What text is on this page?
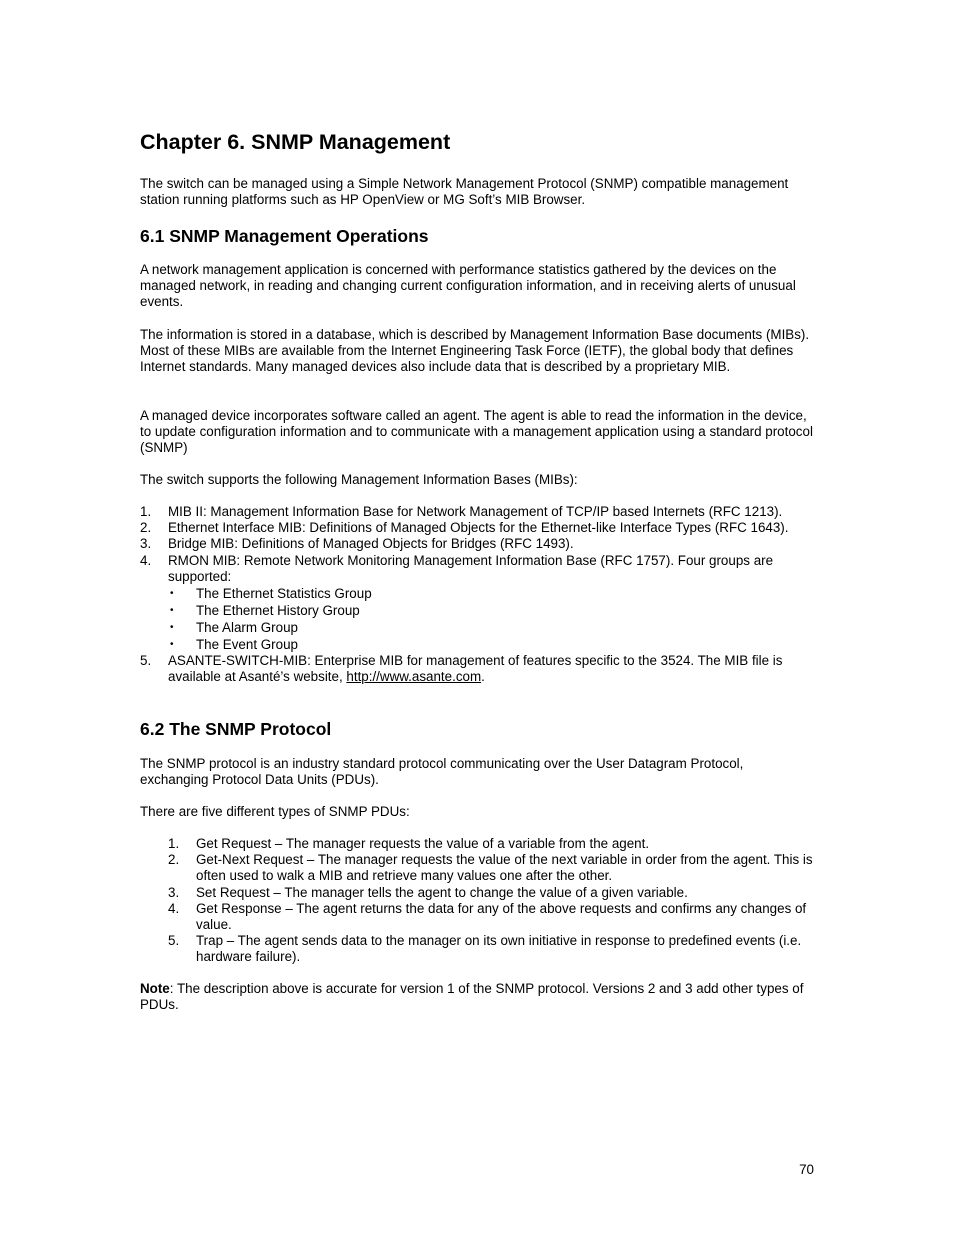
Chapter 6. SNMP Management

The switch can be managed using a Simple Network Management Protocol (SNMP) compatible management station running platforms such as HP OpenView or MG Soft’s MIB Browser.

6.1 SNMP Management Operations

A network management application is concerned with performance statistics gathered by the devices on the managed network, in reading and changing current configuration information, and in receiving alerts of unusual events.

The information is stored in a database, which is described by Management Information Base documents (MIBs). Most of these MIBs are available from the Internet Engineering Task Force (IETF), the global body that defines Internet standards. Many managed devices also include data that is described by a proprietary MIB.

A managed device incorporates software called an agent. The agent is able to read the information in the device, to update configuration information and to communicate with a management application using a standard protocol (SNMP)

The switch supports the following Management Information Bases (MIBs):

1. MIB II: Management Information Base for Network Management of TCP/IP based Internets (RFC 1213).
2. Ethernet Interface MIB: Definitions of Managed Objects for the Ethernet-like Interface Types (RFC 1643).
3. Bridge MIB: Definitions of Managed Objects for Bridges (RFC 1493).
4. RMON MIB: Remote Network Monitoring Management Information Base (RFC 1757). Four groups are supported:
• The Ethernet Statistics Group
• The Ethernet History Group
• The Alarm Group
• The Event Group
5. ASANTE-SWITCH-MIB: Enterprise MIB for management of features specific to the 3524. The MIB file is available at Asanté’s website, http://www.asante.com.
6.2 The SNMP Protocol

The SNMP protocol is an industry standard protocol communicating over the User Datagram Protocol, exchanging Protocol Data Units (PDUs).

There are five different types of SNMP PDUs:

1. Get Request – The manager requests the value of a variable from the agent.
2. Get-Next Request – The manager requests the value of the next variable in order from the agent. This is often used to walk a MIB and retrieve many values one after the other.
3. Set Request – The manager tells the agent to change the value of a given variable.
4. Get Response – The agent returns the data for any of the above requests and confirms any changes of value.
5. Trap – The agent sends data to the manager on its own initiative in response to predefined events (i.e. hardware failure).

Note: The description above is accurate for version 1 of the SNMP protocol. Versions 2 and 3 add other types of PDUs.

70
